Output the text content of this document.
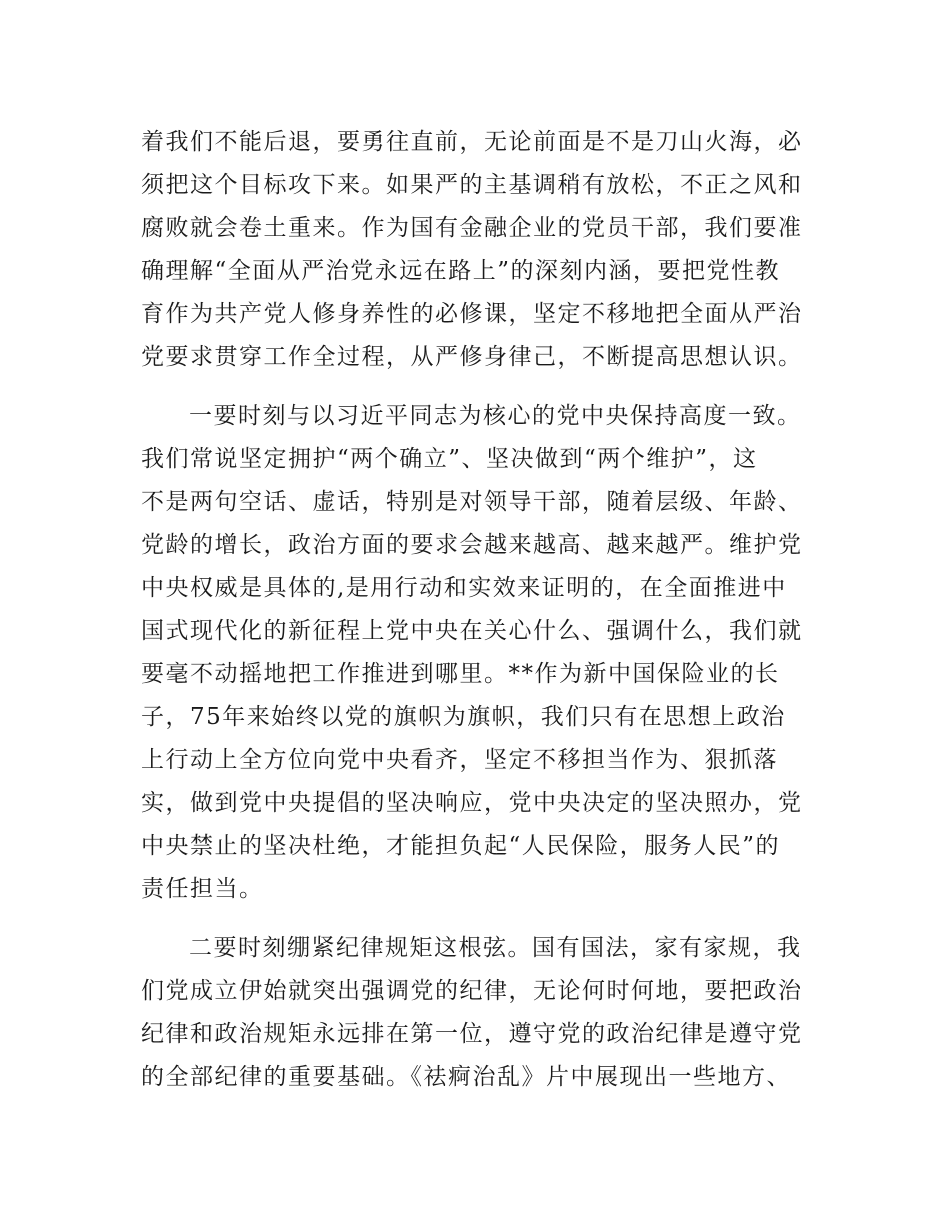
着我们不能后退，要勇往直前，无论前面是不是刀山火海，必
须把这个目标攻下来。如果严的主基调稍有放松，不正之风和
腐败就会卷土重来。作为国有金融企业的党员干部，我们要准
确理解“全面从严治党永远在路上”的深刻内涵，要把党性教
育作为共产党人修身养性的必修课，坚定不移地把全面从严治
党要求贯穿工作全过程，从严修身律己，不断提高思想认识。

一要时刻与以习近平同志为核心的党中央保持高度一致。
我们常说坚定拥护“两个确立”、坚决做到“两个维护”，这
不是两句空话、虚话，特别是对领导干部，随着层级、年龄、
党龄的增长，政治方面的要求会越来越高、越来越严。维护党
中央权威是具体的,是用行动和实效来证明的，在全面推进中
国式现代化的新征程上党中央在关心什么、强调什么，我们就
要毫不动摇地把工作推进到哪里。**作为新中国保险业的长
子，75年来始终以党的旗帜为旗帜，我们只有在思想上政治
上行动上全方位向党中央看齐，坚定不移担当作为、狠抓落
实，做到党中央提倡的坚决响应，党中央决定的坚决照办，党
中央禁止的坚决杜绝，才能担负起“人民保险，服务人民”的
责任担当。

二要时刻绷紧纪律规矩这根弦。国有国法，家有家规，我
们党成立伊始就突出强调党的纪律，无论何时何地，要把政治
纪律和政治规矩永远排在第一位，遵守党的政治纪律是遵守党
的全部纪律的重要基础。《祛痾治乱》片中展现出一些地方、
